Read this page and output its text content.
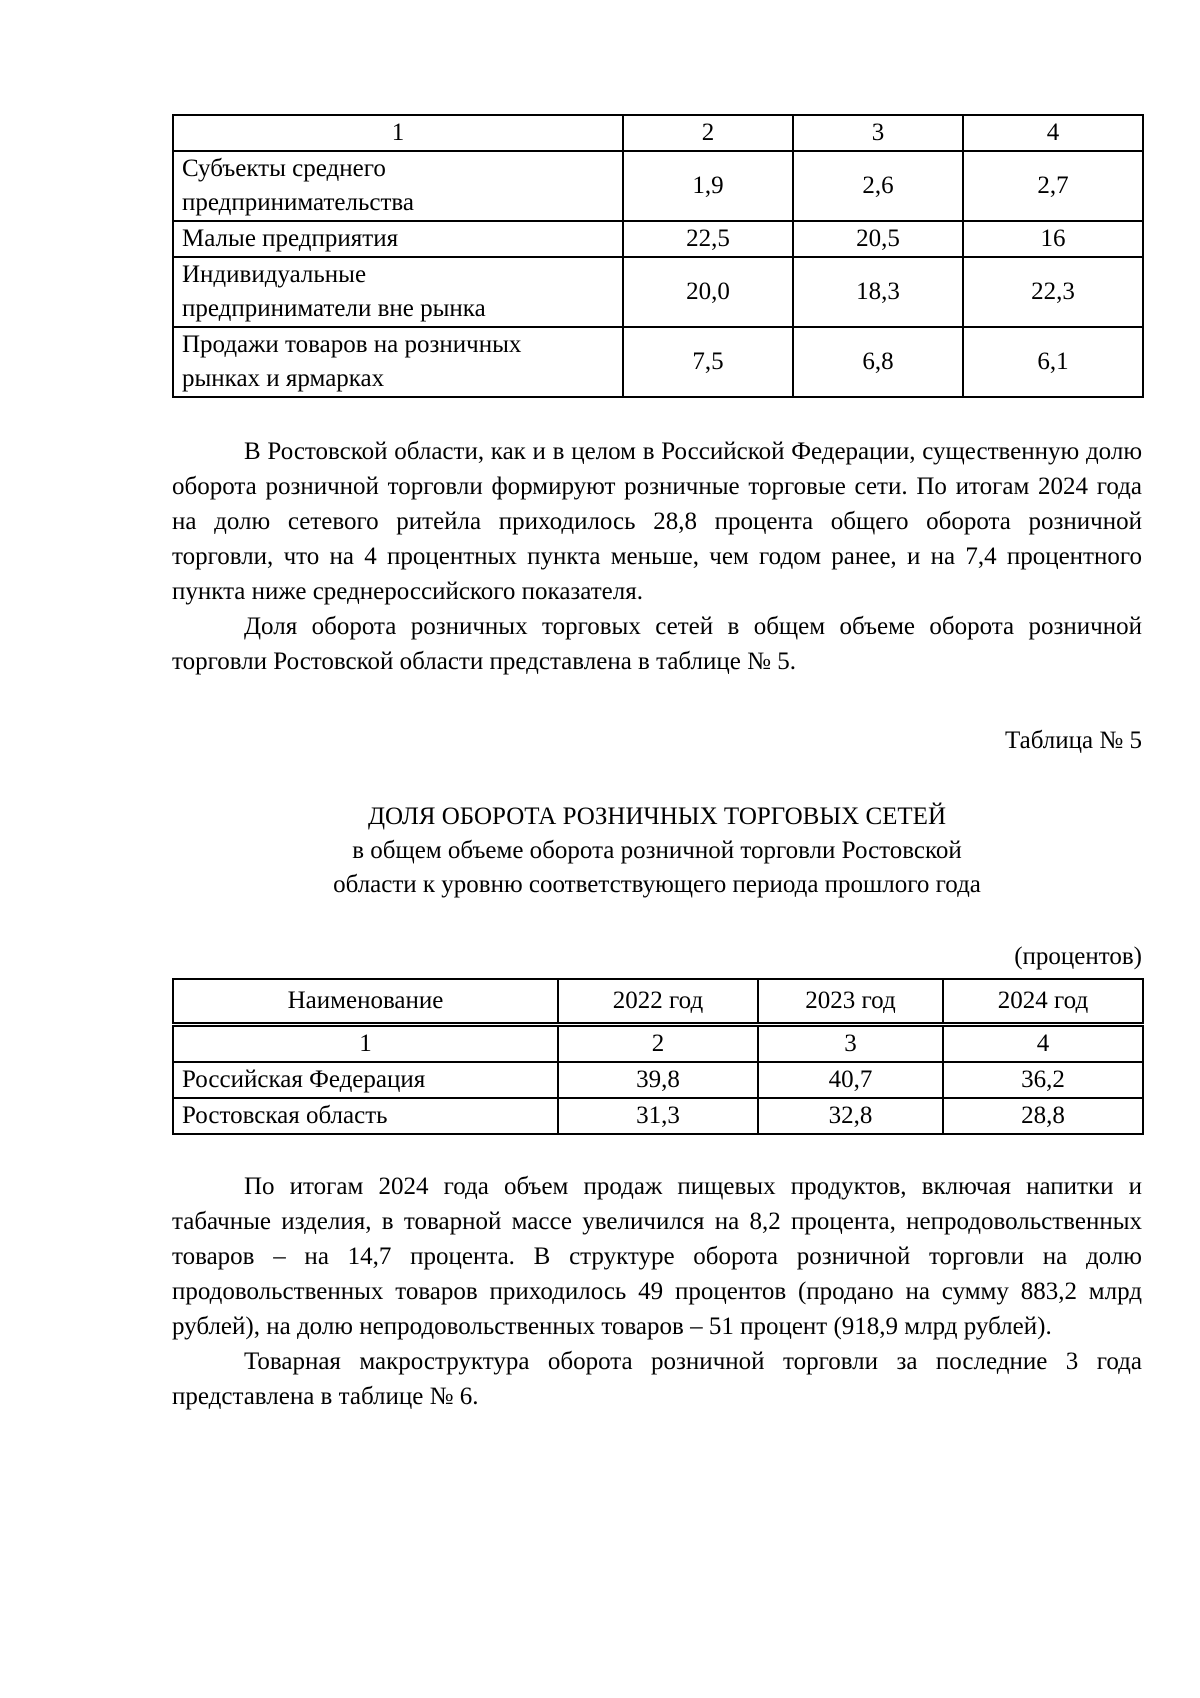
1	2	3	4

Субъекты среднего
предпринимательства	1,9	2,6	2,7
Малые предприятия	22,5	20,5	16

Индивидуальные
предприниматели вне рынка	20,0	18,3	22,3

Продажи товаров на розничных
рынках и ярмарках	7,5	6,8	6,1

В Ростовской области, как и в целом в Российской Федерации, существенную долю оборота розничной торговли формируют розничные торговые сети. По итогам 2024 года на долю сетевого ритейла приходилось 28,8 процента общего оборота розничной торговли, что на 4 процентных пункта меньше, чем годом ранее, и на 7,4 процентного пункта ниже среднероссийского показателя.

Доля оборота розничных торговых сетей в общем объеме оборота розничной торговли Ростовской области представлена в таблице № 5.

Таблица № 5
ДОЛЯ ОБОРОТА РОЗНИЧНЫХ ТОРГОВЫХ СЕТЕЙ
в общем объеме оборота розничной торговли Ростовской
области к уровню соответствующего периода прошлого года
(процентов)
Наименование	2022 год	2023 год	2024 год
1	2	3	4
Российская Федерация	39,8	40,7	36,2
Ростовская область	31,3	32,8	28,8

По итогам 2024 года объем продаж пищевых продуктов, включая напитки и табачные изделия, в товарной массе увеличился на 8,2 процента, непродовольственных товаров – на 14,7 процента. В структуре оборота розничной торговли на долю продовольственных товаров приходилось 49 процентов (продано на сумму 883,2 млрд рублей), на долю непродовольственных товаров – 51 процент (918,9 млрд рублей).

Товарная макроструктура оборота розничной торговли за последние 3 года представлена в таблице № 6.
